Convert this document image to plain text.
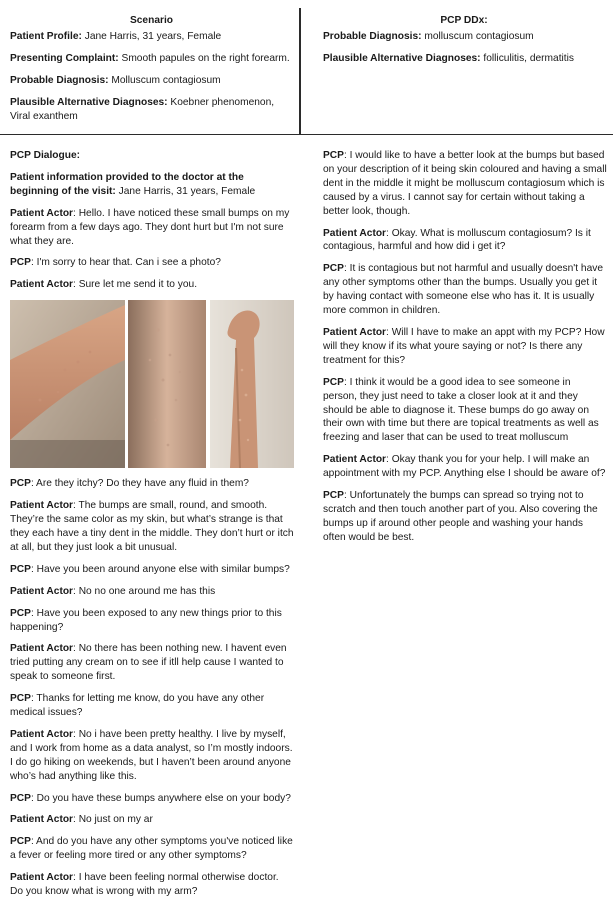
Scenario

Patient Profile: Jane Harris, 31 years, Female

Presenting Complaint: Smooth papules on the right forearm.

Probable Diagnosis: Molluscum contagiosum

Plausible Alternative Diagnoses: Koebner phenomenon, Viral exanthem

PCP DDx:

Probable Diagnosis: molluscum contagiosum

Plausible Alternative Diagnoses: folliculitis, dermatitis

PCP Dialogue:

Patient information provided to the doctor at the beginning of the visit: Jane Harris, 31 years, Female

Patient Actor: Hello. I have noticed these small bumps on my forearm from a few days ago. They dont hurt but I'm not sure what they are.

PCP: I'm sorry to hear that. Can i see a photo?

Patient Actor: Sure let me send it to you.

PCP: Are they itchy? Do they have any fluid in them?

Patient Actor: The bumps are small, round, and smooth. They’re the same color as my skin, but what’s strange is that they each have a tiny dent in the middle. They don’t hurt or itch at all, but they just look a bit unusual.

PCP: Have you been around anyone else with similar bumps?

Patient Actor: No no one around me has this

PCP: Have you been exposed to any new things prior to this happening?

Patient Actor: No there has been nothing new. I havent even tried putting any cream on to see if itll help cause I wanted to speak to someone first.

PCP: Thanks for letting me know, do you have any other medical issues?

Patient Actor: No i have been pretty healthy. I live by myself, and I work from home as a data analyst, so I’m mostly indoors. I do go hiking on weekends, but I haven’t been around anyone who’s had anything like this.

PCP: Do you have these bumps anywhere else on your body?

Patient Actor: No just on my ar

PCP: And do you have any other symptoms you've noticed like a fever or feeling more tired or any other symptoms?

Patient Actor: I have been feeling normal otherwise doctor. Do you know what is wrong with my arm?

PCP: I would like to have a better look at the bumps but based on your description of it being skin coloured and having a small dent in the middle it might be molluscum contagiosum which is caused by a virus. I cannot say for certain without taking a better look, though.

Patient Actor: Okay. What is molluscum contagiosum? Is it contagious, harmful and how did i get it?

PCP: It is contagious but not harmful and usually doesn't have any other symptoms other than the bumps. Usually you get it by having contact with someone else who has it. It is usually more common in children.

Patient Actor: Will I have to make an appt with my PCP? How will they know if its what youre saying or not? Is there any treatment for this?

PCP: I think it would be a good idea to see someone in person, they just need to take a closer look at it and they should be able to diagnose it. These bumps do go away on their own with time but there are topical treatments as well as freezing and laser that can be used to treat molluscum

Patient Actor: Okay thank you for your help. I will make an appointment with my PCP. Anything else I should be aware of?

PCP: Unfortunately the bumps can spread so trying not to scratch and then touch another part of you. Also covering the bumps up if around other people and washing your hands often would be best.
